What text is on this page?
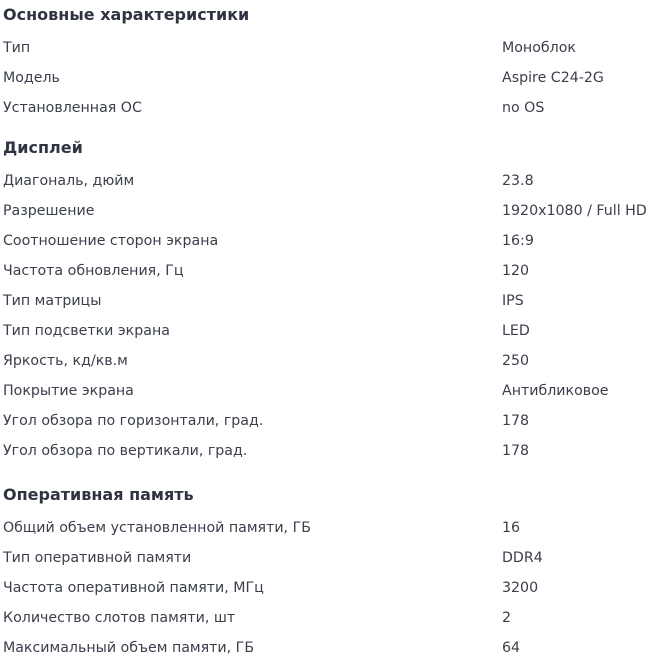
Основные характеристики
Тип	Моноблок
Модель	Aspire C24-2G
Установленная ОС	no OS
Дисплей
Диагональ, дюйм	23.8
Разрешение	1920x1080 / Full HD
Соотношение сторон экрана	16:9
Частота обновления, Гц	120
Тип матрицы	IPS
Тип подсветки экрана	LED
Яркость, кд/кв.м	250
Покрытие экрана	Антибликовое
Угол обзора по горизонтали, град.	178
Угол обзора по вертикали, град.	178
Оперативная память
Общий объем установленной памяти, ГБ	16
Тип оперативной памяти	DDR4
Частота оперативной памяти, МГц	3200
Количество слотов памяти, шт	2
Максимальный объем памяти, ГБ	64
